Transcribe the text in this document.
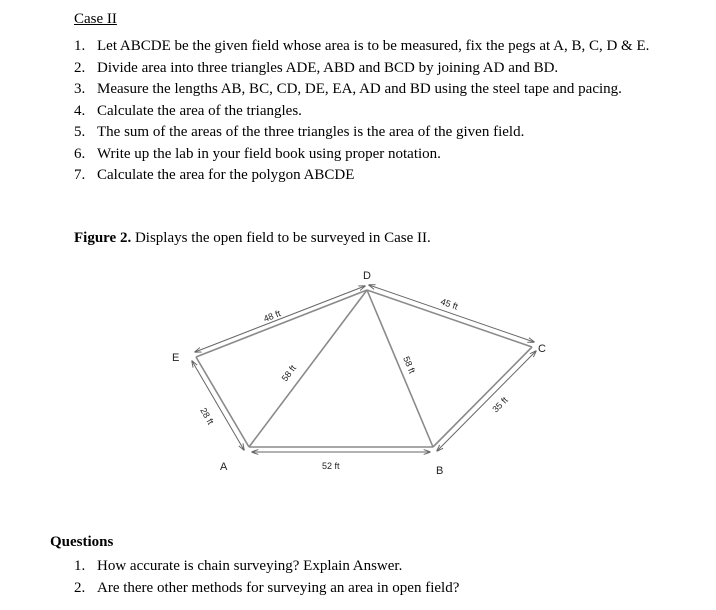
Case II
1. Let ABCDE be the given field whose area is to be measured, fix the pegs at A, B, C, D & E.
2. Divide area into three triangles ADE, ABD and BCD by joining AD and BD.
3. Measure the lengths AB, BC, CD, DE, EA, AD and BD using the steel tape and pacing.
4. Calculate the area of the triangles.
5. The sum of the areas of the three triangles is the area of the given field.
6. Write up the lab in your field book using proper notation.
7. Calculate the area for the polygon ABCDE
Figure 2. Displays the open field to be surveyed in Case II.
D
E
C
A	B
52 ft
35 ft
45 ft
48 ft
28 ft
58 ft	58 ft
Questions
1. How accurate is chain surveying? Explain Answer.
2. Are there other methods for surveying an area in open field?
